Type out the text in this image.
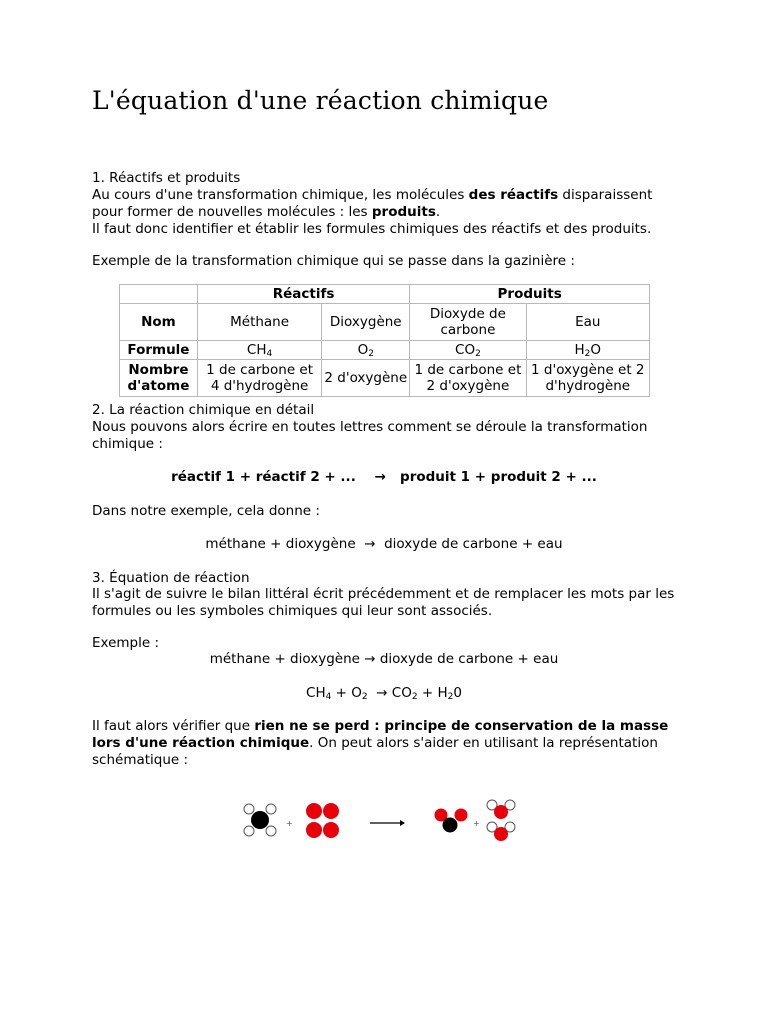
L'équation d'une réaction chimique
1. Réactifs et produits
Au cours d'une transformation chimique, les molécules des réactifs disparaissent
pour former de nouvelles molécules : les produits.
Il faut donc identifier et établir les formules chimiques des réactifs et des produits.
Exemple de la transformation chimique qui se passe dans la gazinière :
	Réactifs		Produits	
Nom	Méthane	Dioxygène	Dioxyde de carbone	Eau
Formule	$CH_4$	$O_2$	$CO_2$	$H_2O$
Nombre d'atome	1 de carbone et 4 d'hydrogène	2 d'oxygène	1 de carbone et 2 d'oxygène	1 d'oxygène et 2 d'hydrogène
2. La réaction chimique en détail
Nous pouvons alors écrire en toutes lettres comment se déroule la transformation
chimique :
réactif 1 + réactif 2 + ...    →   produit 1 + produit 2 + ...
Dans notre exemple, cela donne :
méthane + dioxygène  →  dioxyde de carbone + eau
3. Équation de réaction
Il s'agit de suivre le bilan littéral écrit précédemment et de remplacer les mots par les
formules ou les symboles chimiques qui leur sont associés.
Exemple :
méthane + dioxygène → dioxyde de carbone + eau
$CH_4 + O_2 \to CO_2 + H_20$
Il faut alors vérifier que rien ne se perd : principe de conservation de la masse
lors d'une réaction chimique. On peut alors s'aider en utilisant la représentation
schématique :
+	+
